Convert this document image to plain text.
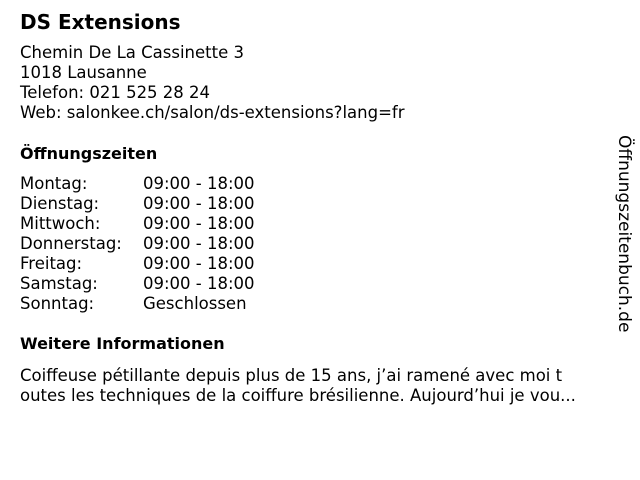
DS Extensions
Chemin De La Cassinette 3
1018 Lausanne
Telefon: 021 525 28 24
Web: salonkee.ch/salon/ds-extensions?lang=fr
Öffnungszeiten
Montag:	09:00 - 18:00
Dienstag:	09:00 - 18:00
Mittwoch:	09:00 - 18:00
Donnerstag:	09:00 - 18:00
Freitag:	09:00 - 18:00
Samstag:	09:00 - 18:00
Sonntag:	Geschlossen
Weitere Informationen
Coiffeuse pétillante depuis plus de 15 ans, j’ai ramené avec moi t
outes les techniques de la coiffure brésilienne. Aujourd’hui je vou...
Öffnungszeitenbuch.de
